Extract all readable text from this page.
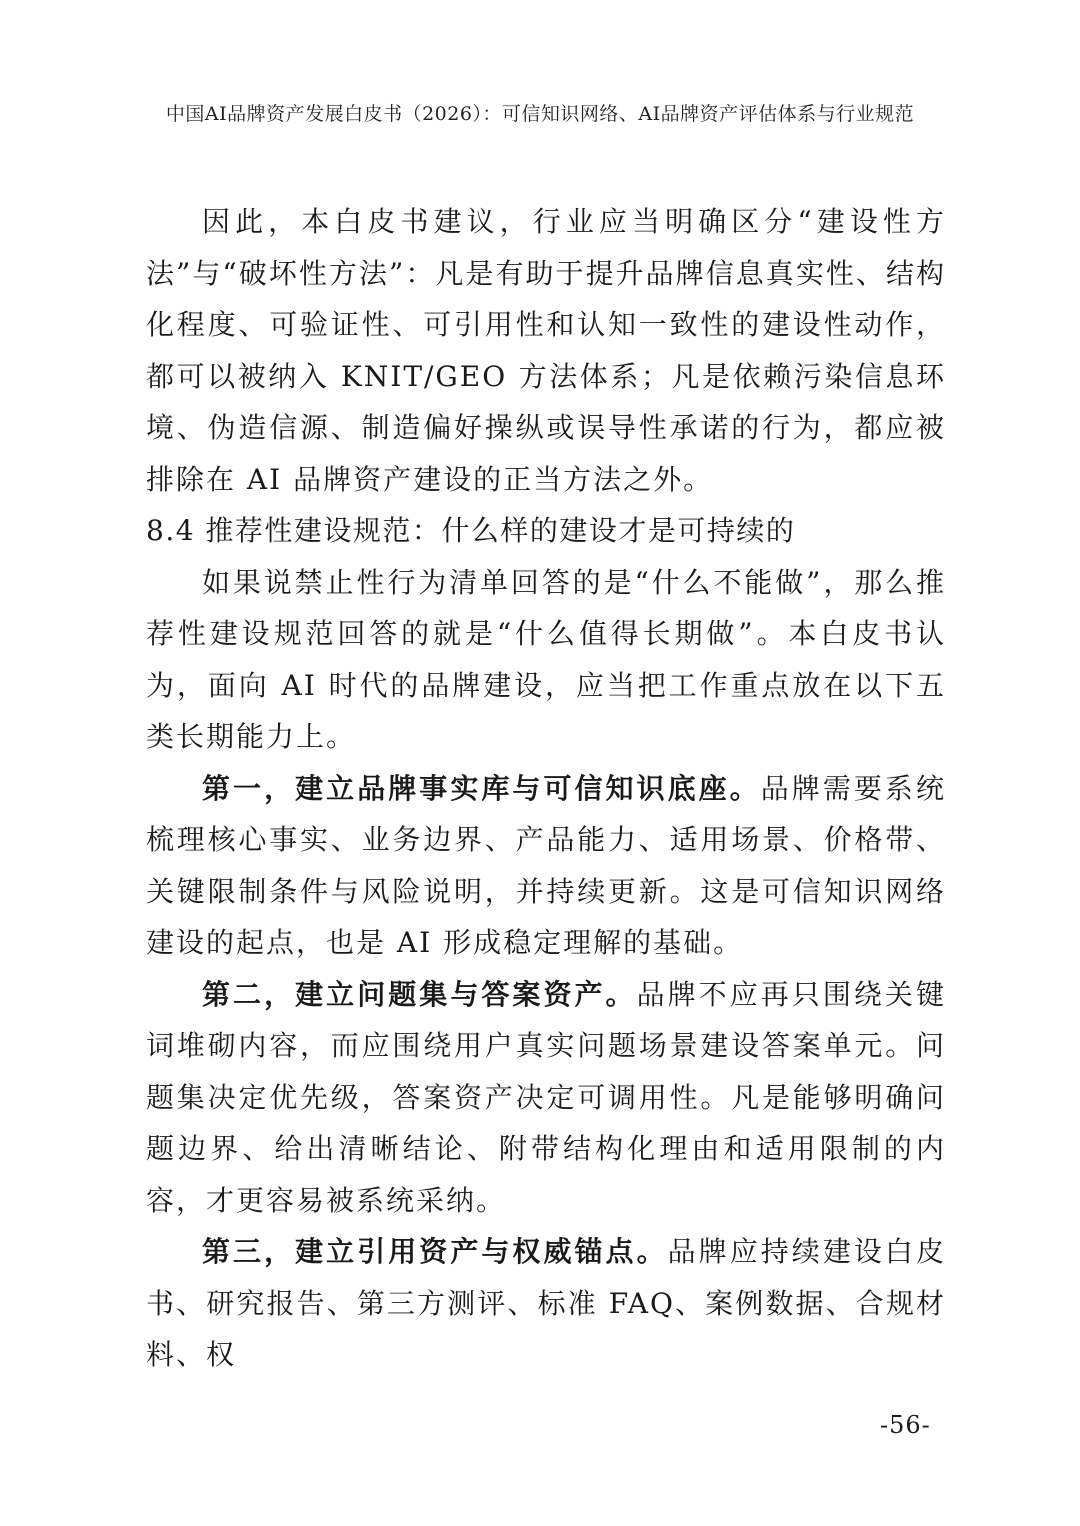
中国AI品牌资产发展白皮书（2026）：可信知识网络、AI品牌资产评估体系与行业规范

因此，本白皮书建议，行业应当明确区分“建设性方法”与“破坏性方法”：凡是有助于提升品牌信息真实性、结构化程度、可验证性、可引用性和认知一致性的建设性动作，都可以被纳入 KNIT/GEO 方法体系；凡是依赖污染信息环境、伪造信源、制造偏好操纵或误导性承诺的行为，都应被排除在 AI 品牌资产建设的正当方法之外。

8.4 推荐性建设规范：什么样的建设才是可持续的

如果说禁止性行为清单回答的是“什么不能做”，那么推荐性建设规范回答的就是“什么值得长期做”。本白皮书认为，面向 AI 时代的品牌建设，应当把工作重点放在以下五类长期能力上。

第一，建立品牌事实库与可信知识底座。品牌需要系统梳理核心事实、业务边界、产品能力、适用场景、价格带、关键限制条件与风险说明，并持续更新。这是可信知识网络建设的起点，也是 AI 形成稳定理解的基础。

第二，建立问题集与答案资产。品牌不应再只围绕关键词堆砌内容，而应围绕用户真实问题场景建设答案单元。问题集决定优先级，答案资产决定可调用性。凡是能够明确问题边界、给出清晰结论、附带结构化理由和适用限制的内容，才更容易被系统采纳。

第三，建立引用资产与权威锚点。品牌应持续建设白皮书、研究报告、第三方测评、标准 FAQ、案例数据、合规材料、权

-56-
